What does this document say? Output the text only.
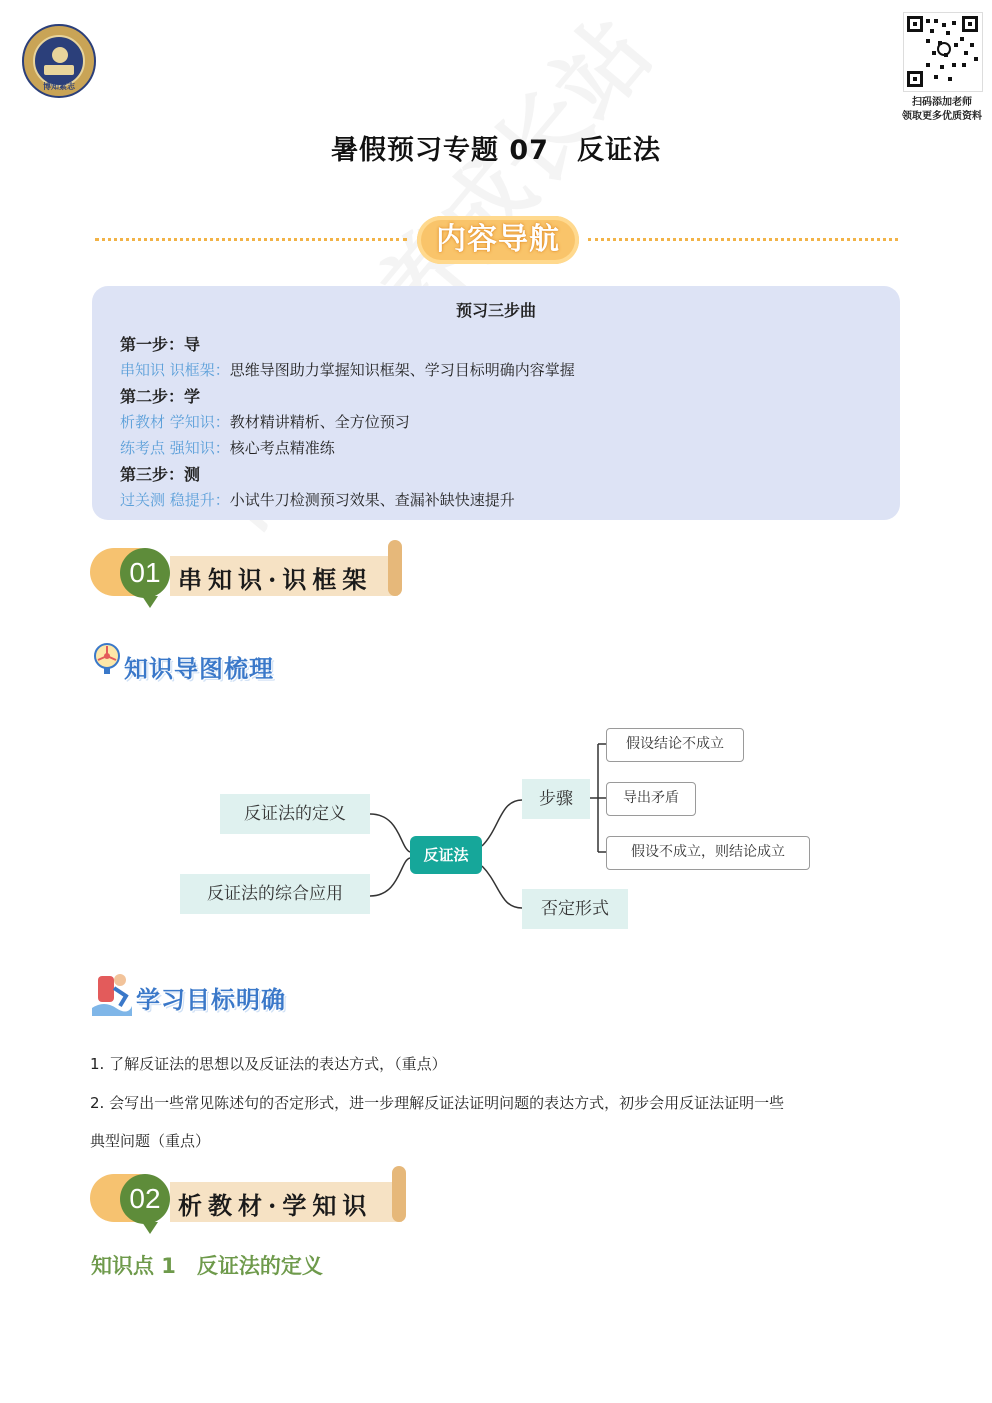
博知素志
扫码添加老师
领取更多优质资料
暑假预习专题 07　反证法
内容导航
预习三步曲
第一步：导
串知识 识框架：思维导图助力掌握知识框架、学习目标明确内容掌握
第二步：学
析教材 学知识：教材精讲精析、全方位预习
练考点 强知识：核心考点精准练
第三步：测
过关测 稳提升：小试牛刀检测预习效果、查漏补缺快速提升
01 串知识·识框架
知识导图梳理
反证法的定义
反证法的综合应用
反证法
步骤
否定形式
假设结论不成立
导出矛盾
假设不成立，则结论成立
学习目标明确
1. 了解反证法的思想以及反证法的表达方式，（重点）
2. 会写出一些常见陈述句的否定形式，进一步理解反证法证明问题的表达方式，初步会用反证法证明一些
典型问题（重点）
02 析教材·学知识
知识点 1　反证法的定义
